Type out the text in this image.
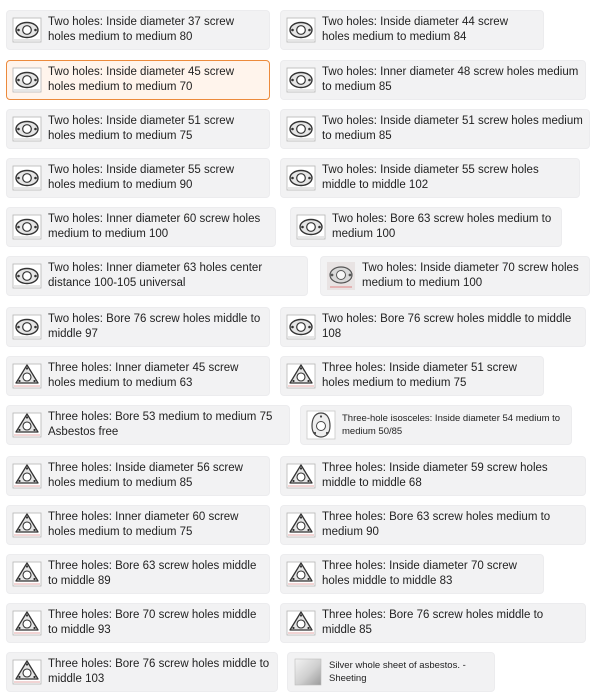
Two holes: Inside diameter 37 screw holes medium to medium 80
Two holes: Inside diameter 44 screw holes medium to medium 84
Two holes: Inside diameter 45 screw holes medium to medium 70
Two holes: Inner diameter 48 screw holes medium to medium 85
Two holes: Inside diameter 51 screw holes medium to medium 75
Two holes: Inside diameter 51 screw holes medium to medium 85
Two holes: Inside diameter 55 screw holes medium to medium 90
Two holes: Inside diameter 55 screw holes middle to middle 102
Two holes: Inner diameter 60 screw holes medium to medium 100
Two holes: Bore 63 screw holes medium to medium 100
Two holes: Inner diameter 63 holes center distance 100-105 universal
Two holes: Inside diameter 70 screw holes medium to medium 100
Two holes: Bore 76 screw holes middle to middle 97
Two holes: Bore 76 screw holes middle to middle 108
Three holes: Inner diameter 45 screw holes medium to medium 63
Three holes: Inside diameter 51 screw holes medium to medium 75
Three holes: Bore 53 medium to medium 75 Asbestos free
Three-hole isosceles: Inside diameter 54 medium to medium 50/85
Three holes: Inside diameter 56 screw holes medium to medium 85
Three holes: Inside diameter 59 screw holes middle to middle 68
Three holes: Inner diameter 60 screw holes medium to medium 75
Three holes: Bore 63 screw holes medium to medium 90
Three holes: Bore 63 screw holes middle to middle 89
Three holes: Inside diameter 70 screw holes middle to middle 83
Three holes: Bore 70 screw holes middle to middle 93
Three holes: Bore 76 screw holes middle to middle 85
Three holes: Bore 76 screw holes middle to middle 103
Silver whole sheet of asbestos. - Sheeting
